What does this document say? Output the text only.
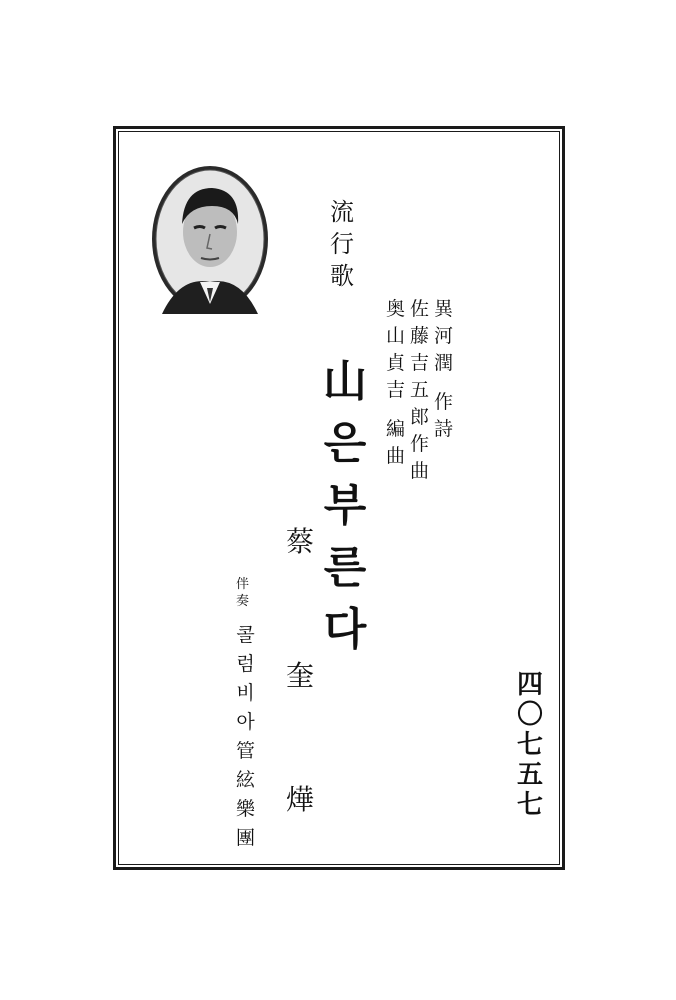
流
行
歌
異
河
潤
作
詩
佐
藤
吉
五
郎
作
曲
奥
山
貞
吉
編
曲
山
은
부
른
다
蔡
奎
燁
伴
奏
콜
럼
비
아
管
絃
樂
團
四
〇
七
五
七
